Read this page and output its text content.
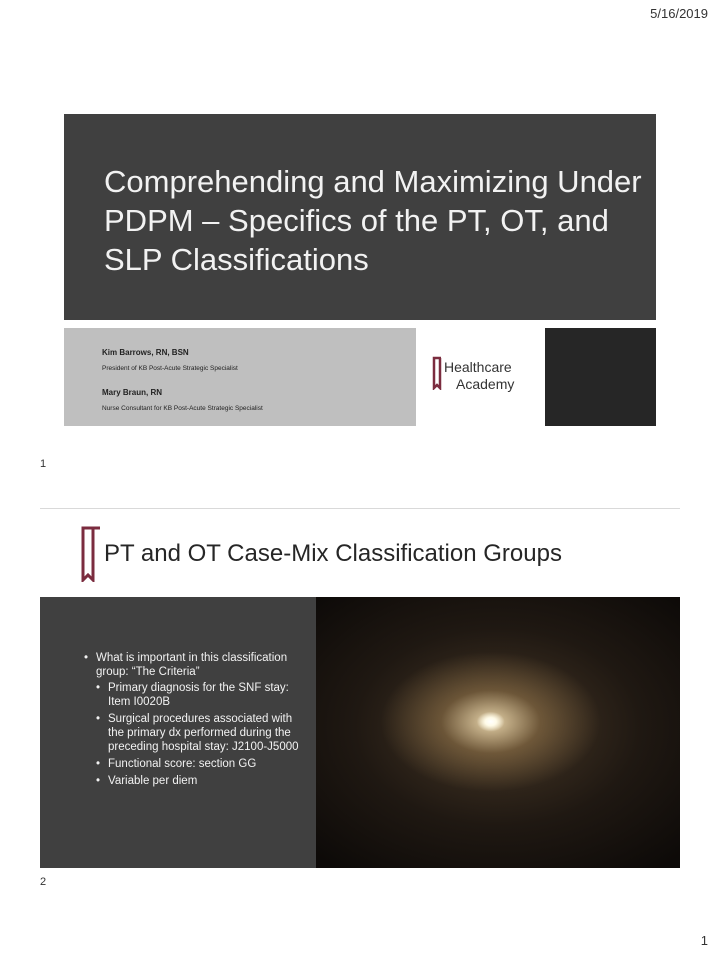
5/16/2019
Comprehending and Maximizing Under PDPM – Specifics of the PT, OT, and SLP Classifications
Kim Barrows, RN, BSN
President of KB Post-Acute Strategic Specialist
Mary Braun, RN
Nurse Consultant for KB Post-Acute Strategic Specialist
Healthcare
Academy
1
PT and OT Case-Mix Classification Groups
• What is important in this classification group: “The Criteria”
• Primary diagnosis for the SNF stay: Item I0020B
• Surgical procedures associated with the primary dx performed during the preceding hospital stay: J2100-J5000
• Functional score: section GG
• Variable per diem
2
1
